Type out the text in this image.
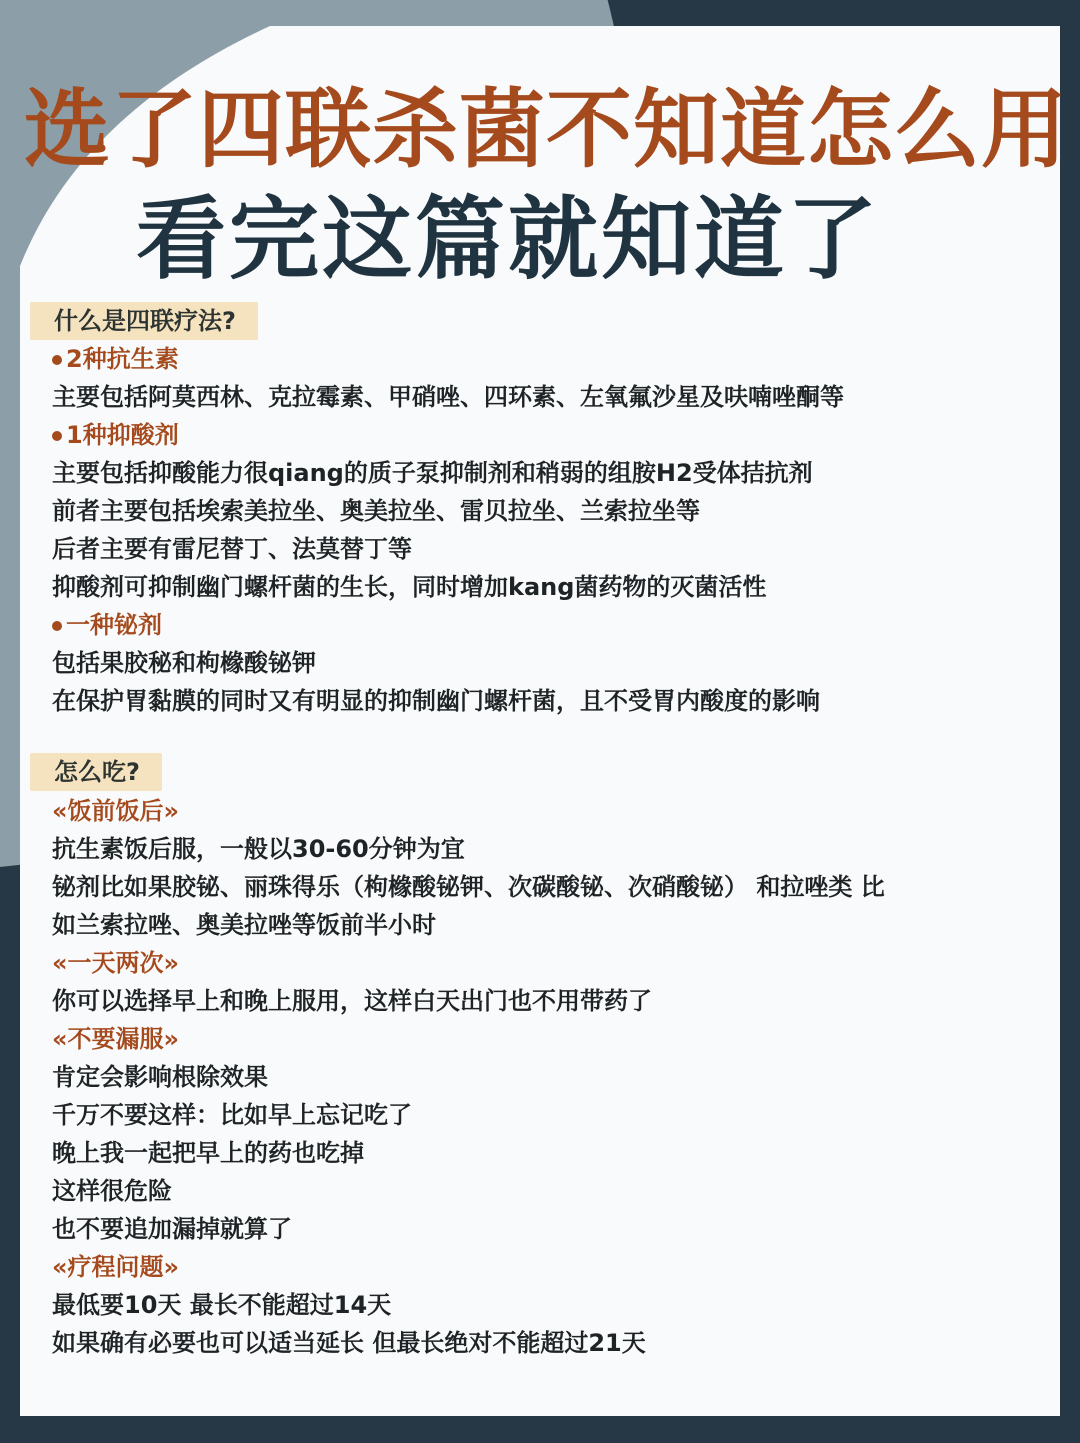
选了四联杀菌不知道怎么用
看完这篇就知道了
什么是四联疗法?
2种抗生素
主要包括阿莫西林、克拉霉素、甲硝唑、四环素、左氧氟沙星及呋喃唑酮等
1种抑酸剂
主要包括抑酸能力很qiang的质子泵抑制剂和稍弱的组胺H2受体拮抗剂
前者主要包括埃索美拉坐、奥美拉坐、雷贝拉坐、兰索拉坐等
后者主要有雷尼替丁、法莫替丁等
抑酸剂可抑制幽门螺杆菌的生长，同时增加kang菌药物的灭菌活性
一种铋剂
包括果胶秘和枸橼酸铋钾
在保护胃黏膜的同时又有明显的抑制幽门螺杆菌，且不受胃内酸度的影响
怎么吃?
«饭前饭后»
抗生素饭后服，一般以30-60分钟为宜
铋剂比如果胶铋、丽珠得乐（枸橼酸铋钾、次碳酸铋、次硝酸铋） 和拉唑类 比
如兰索拉唑、奥美拉唑等饭前半小时
«一天两次»
你可以选择早上和晚上服用，这样白天出门也不用带药了
«不要漏服»
肯定会影响根除效果
千万不要这样：比如早上忘记吃了
晚上我一起把早上的药也吃掉
这样很危险
也不要追加漏掉就算了
«疗程问题»
最低要10天 最长不能超过14天
如果确有必要也可以适当延长 但最长绝对不能超过21天
